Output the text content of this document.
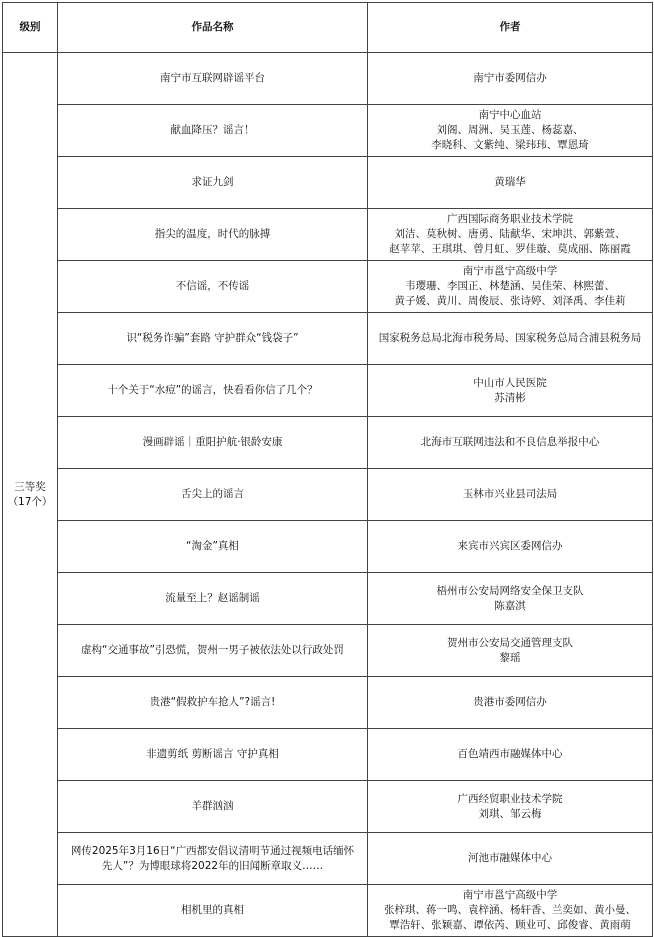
级别	作品名称	作者

三等奖
（17个）	南宁市互联网辟谣平台	南宁市委网信办

	献血降压？谣言！	南宁中心血站
刘阁、周洲、吴玉莲、杨蕊嘉、
李晓科、文紫纯、梁玮玮、覃恩琦

	求证九剑	黄瑞华

	指尖的温度，时代的脉搏	广西国际商务职业技术学院
刘洁、莫秋树、唐勇、陆献华、宋坤洪、郭紫萱、
赵苹苹、王琪琪、曾月虹、罗佳璇、莫成丽、陈丽霞

	不信谣，不传谣	南宁市邕宁高级中学
韦璎珊、李国正、林楚涵、吴佳荣、林熙蕾、
黄子媛、黄川、周俊辰、张诗婷、刘泽禹、李佳莉

	识“税务诈骗”套路 守护群众“钱袋子”	国家税务总局北海市税务局、国家税务总局合浦县税务局

	十个关于“水痘”的谣言，快看看你信了几个？	中山市人民医院
苏清彬

	漫画辟谣｜重阳护航·银龄安康	北海市互联网违法和不良信息举报中心

	舌尖上的谣言	玉林市兴业县司法局

	“淘金”真相	来宾市兴宾区委网信办

	流量至上？赵谣制谣	梧州市公安局网络安全保卫支队
陈嘉淇

	虚构“交通事故”引恐慌，贺州一男子被依法处以行政处罚	贺州市公安局交通管理支队
黎瑶

	贵港“假救护车抢人”?谣言!	贵港市委网信办

	非遗剪纸 剪断谣言 守护真相	百色靖西市融媒体中心

	羊群汹汹	广西经贸职业技术学院
刘琪、邹云梅

	网传2025年3月16日“广西都安倡议清明节通过视频电话缅怀
先人”？为博眼球将2022年的旧闻断章取义……	河池市融媒体中心

	相机里的真相	南宁市邕宁高级中学
张梓琪、蒋一鸣、袁梓涵、杨轩香、兰奕如、黄小曼、
覃浩轩、张颖嘉、谭依芮、顾业可、邱俊睿、黄雨萌
